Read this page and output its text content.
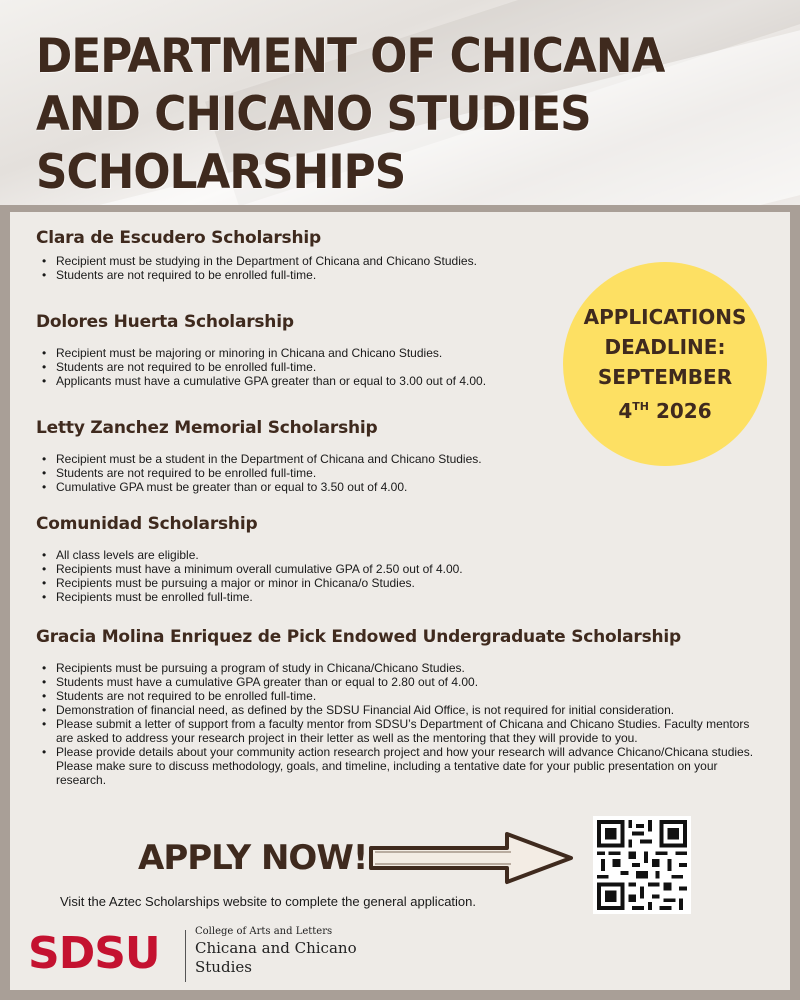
DEPARTMENT OF CHICANA AND CHICANO STUDIES SCHOLARSHIPS
Clara de Escudero Scholarship
• Recipient must be studying in the Department of Chicana and Chicano Studies.
• Students are not required to be enrolled full-time.
Dolores Huerta Scholarship
• Recipient must be majoring or minoring in Chicana and Chicano Studies.
• Students are not required to be enrolled full-time.
• Applicants must have a cumulative GPA greater than or equal to 3.00 out of 4.00.
Letty Zanchez Memorial Scholarship
• Recipient must be a student in the Department of Chicana and Chicano Studies.
• Students are not required to be enrolled full-time.
• Cumulative GPA must be greater than or equal to 3.50 out of 4.00.
Comunidad Scholarship
• All class levels are eligible.
• Recipients must have a minimum overall cumulative GPA of 2.50 out of 4.00.
• Recipients must be pursuing a major or minor in Chicana/o Studies.
• Recipients must be enrolled full-time.
Gracia Molina Enriquez de Pick Endowed Undergraduate Scholarship
• Recipients must be pursuing a program of study in Chicana/Chicano Studies.
• Students must have a cumulative GPA greater than or equal to 2.80 out of 4.00.
• Students are not required to be enrolled full-time.
• Demonstration of financial need, as defined by the SDSU Financial Aid Office, is not required for initial consideration.
• Please submit a letter of support from a faculty mentor from SDSU’s Department of Chicana and Chicano Studies. Faculty mentors are asked to address your research project in their letter as well as the mentoring that they will provide to you.
• Please provide details about your community action research project and how your research will advance Chicano/Chicana studies. Please make sure to discuss methodology, goals, and timeline, including a tentative date for your public presentation on your research.
APPLICATIONS
DEADLINE:
SEPTEMBER
4TH 2026
APPLY NOW!
Visit the Aztec Scholarships website to complete the general application.
SDSU	College of Arts and Letters
Chicana and Chicano Studies
